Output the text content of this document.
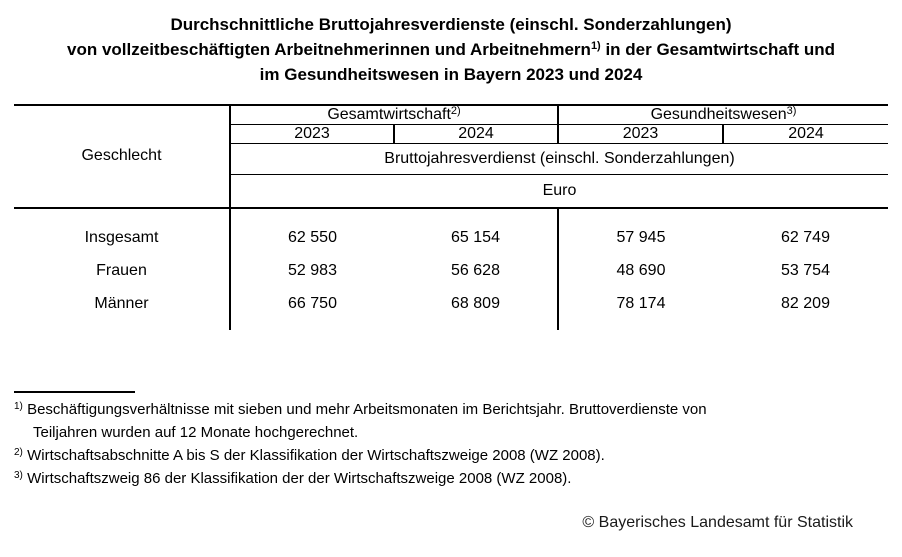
Durchschnittliche Bruttojahresverdienste (einschl. Sonderzahlungen)
von vollzeitbeschäftigten Arbeitnehmerinnen und Arbeitnehmern$^{1)}$ in der Gesamtwirtschaft und
im Gesundheitswesen in Bayern 2023 und 2024
Geschlecht	Gesamtwirtschaft$^{2)}$		Gesundheitswesen$^{3)}$
	2023	2024	2023	2024
	Bruttojahresverdienst (einschl. Sonderzahlungen)			
	Euro			

Insgesamt	62 550	65 154	57 945	62 749
Frauen	52 983	56 628	48 690	53 754
Männer	66 750	68 809	78 174	82 209

$^{1)}$ Beschäftigungsverhältnisse mit sieben und mehr Arbeitsmonaten im Berichtsjahr. Bruttoverdienste von
Teiljahren wurden auf 12 Monate hochgerechnet.
$^{2)}$ Wirtschaftsabschnitte A bis S der Klassifikation der Wirtschaftszweige 2008 (WZ 2008).
$^{3)}$ Wirtschaftszweig 86 der Klassifikation der der Wirtschaftszweige 2008 (WZ 2008).
© Bayerisches Landesamt für Statistik
